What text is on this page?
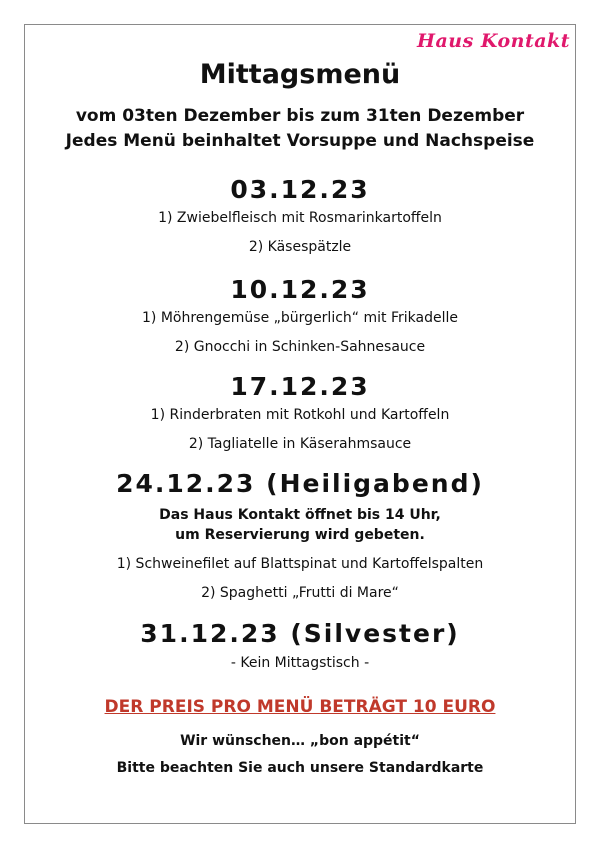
Haus Kontakt
Mittagsmenü
vom 03ten Dezember bis zum 31ten Dezember
Jedes Menü beinhaltet Vorsuppe und Nachspeise
03.12.23
1) Zwiebelfleisch mit Rosmarinkartoffeln
2) Käsespätzle
10.12.23
1) Möhrengemüse „bürgerlich“ mit Frikadelle
2) Gnocchi in Schinken-Sahnesauce
17.12.23
1) Rinderbraten mit Rotkohl und Kartoffeln
2) Tagliatelle in Käserahmsauce
24.12.23 (Heiligabend)
Das Haus Kontakt öffnet bis 14 Uhr,
um Reservierung wird gebeten.
1) Schweinefilet auf Blattspinat und Kartoffelspalten
2) Spaghetti „Frutti di Mare“
31.12.23 (Silvester)
- Kein Mittagstisch -
DER PREIS PRO MENÜ BETRÄGT 10 EURO
Wir wünschen… „bon appétit“
Bitte beachten Sie auch unsere Standardkarte
